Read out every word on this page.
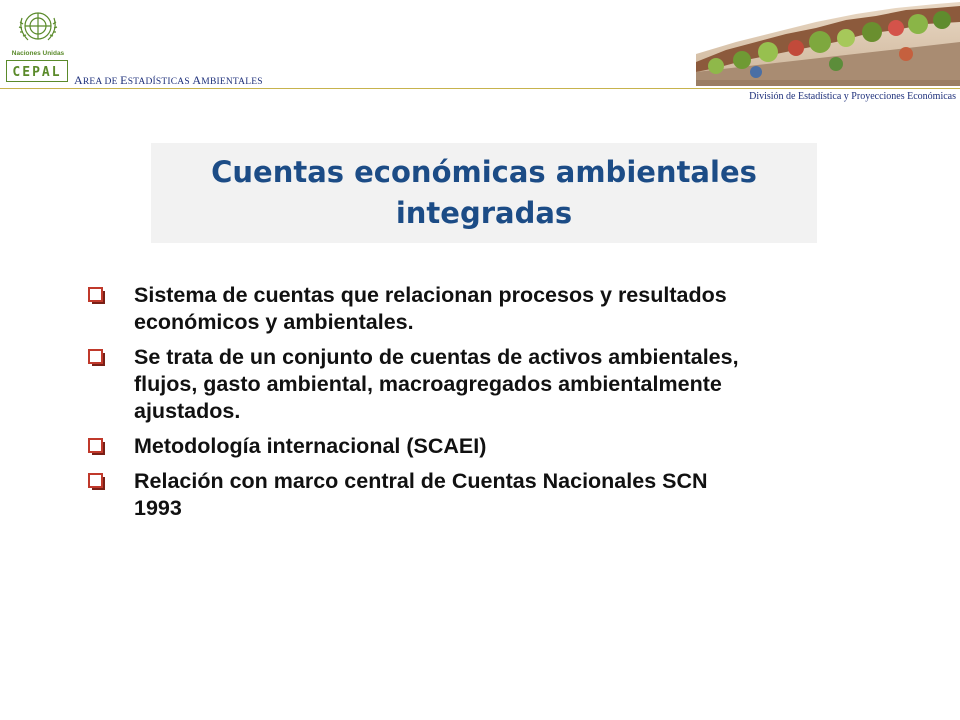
Naciones Unidas
CEPAL AREA DE ESTADÍSTICAS AMBIENTALES
División de Estadística y Proyecciones Económicas
Cuentas económicas ambientales
integradas
Sistema de cuentas que relacionan procesos y resultados
económicos y ambientales.
Se trata de un conjunto de cuentas de activos ambientales,
flujos, gasto ambiental, macroagregados ambientalmente
ajustados.
Metodología internacional (SCAEI)
Relación con marco central de Cuentas Nacionales SCN
1993
